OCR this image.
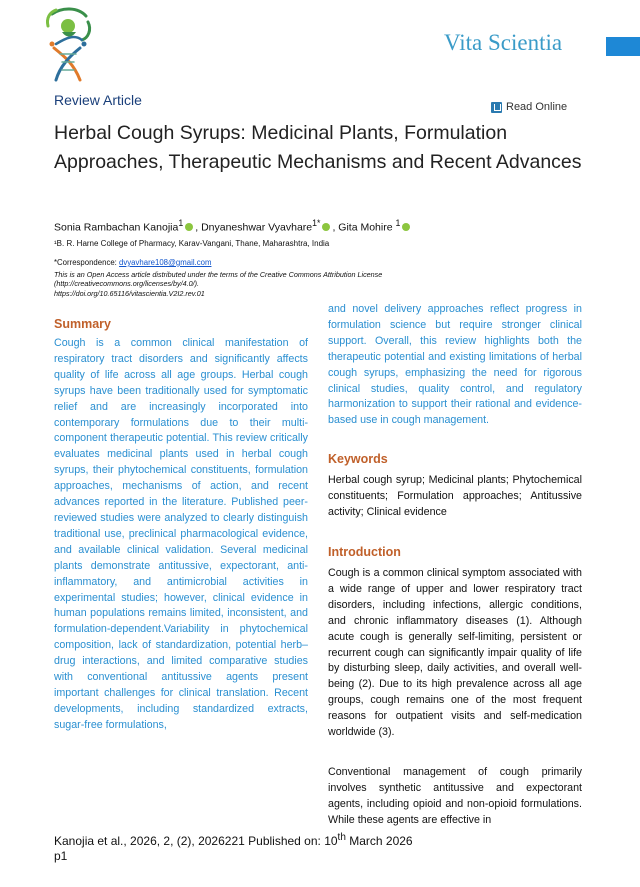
Vita Scientia
Review Article	Read Online
Herbal Cough Syrups: Medicinal Plants, Formulation Approaches, Therapeutic Mechanisms and Recent Advances
Sonia Rambachan Kanojia$^1$ , Dnyaneshwar Vyavhare$^{1*}$ , Gita Mohire $^1$
¹B. R. Harne College of Pharmacy, Karav-Vangani, Thane, Maharashtra, India
*Correspondence: dvyavhare108@gmail.com
This is an Open Access article distributed under the terms of the Creative Commons Attribution License
(http://creativecommons.org/licenses/by/4.0/).
https://doi.org/10.65116/vitascientia.V2I2.rev.01
Summary
Cough is a common clinical manifestation of respiratory tract disorders and significantly affects quality of life across all age groups. Herbal cough syrups have been traditionally used for symptomatic relief and are increasingly incorporated into contemporary formulations due to their multi-component therapeutic potential. This review critically evaluates medicinal plants used in herbal cough syrups, their phytochemical constituents, formulation approaches, mechanisms of action, and recent advances reported in the literature. Published peer-reviewed studies were analyzed to clearly distinguish traditional use, preclinical pharmacological evidence, and available clinical validation. Several medicinal plants demonstrate antitussive, expectorant, anti-inflammatory, and antimicrobial activities in experimental studies; however, clinical evidence in human populations remains limited, inconsistent, and formulation-dependent.Variability in phytochemical composition, lack of standardization, potential herb–drug interactions, and limited comparative studies with conventional antitussive agents present important challenges for clinical translation. Recent developments, including standardized extracts, sugar-free formulations,
and novel delivery approaches reflect progress in formulation science but require stronger clinical support. Overall, this review highlights both the therapeutic potential and existing limitations of herbal cough syrups, emphasizing the need for rigorous clinical studies, quality control, and regulatory harmonization to support their rational and evidence-based use in cough management.
Keywords
Herbal cough syrup; Medicinal plants; Phytochemical constituents; Formulation approaches; Antitussive activity; Clinical evidence
Introduction
Cough is a common clinical symptom associated with a wide range of upper and lower respiratory tract disorders, including infections, allergic conditions, and chronic inflammatory diseases (1). Although acute cough is generally self-limiting, persistent or recurrent cough can significantly impair quality of life by disturbing sleep, daily activities, and overall well-being (2). Due to its high prevalence across all age groups, cough remains one of the most frequent reasons for outpatient visits and self-medication worldwide (3).
Conventional management of cough primarily involves synthetic antitussive and expectorant agents, including opioid and non-opioid formulations. While these agents are effective in
Kanojia et al., 2026, 2, (2), 2026221 Published on: 10th March 2026
p1
